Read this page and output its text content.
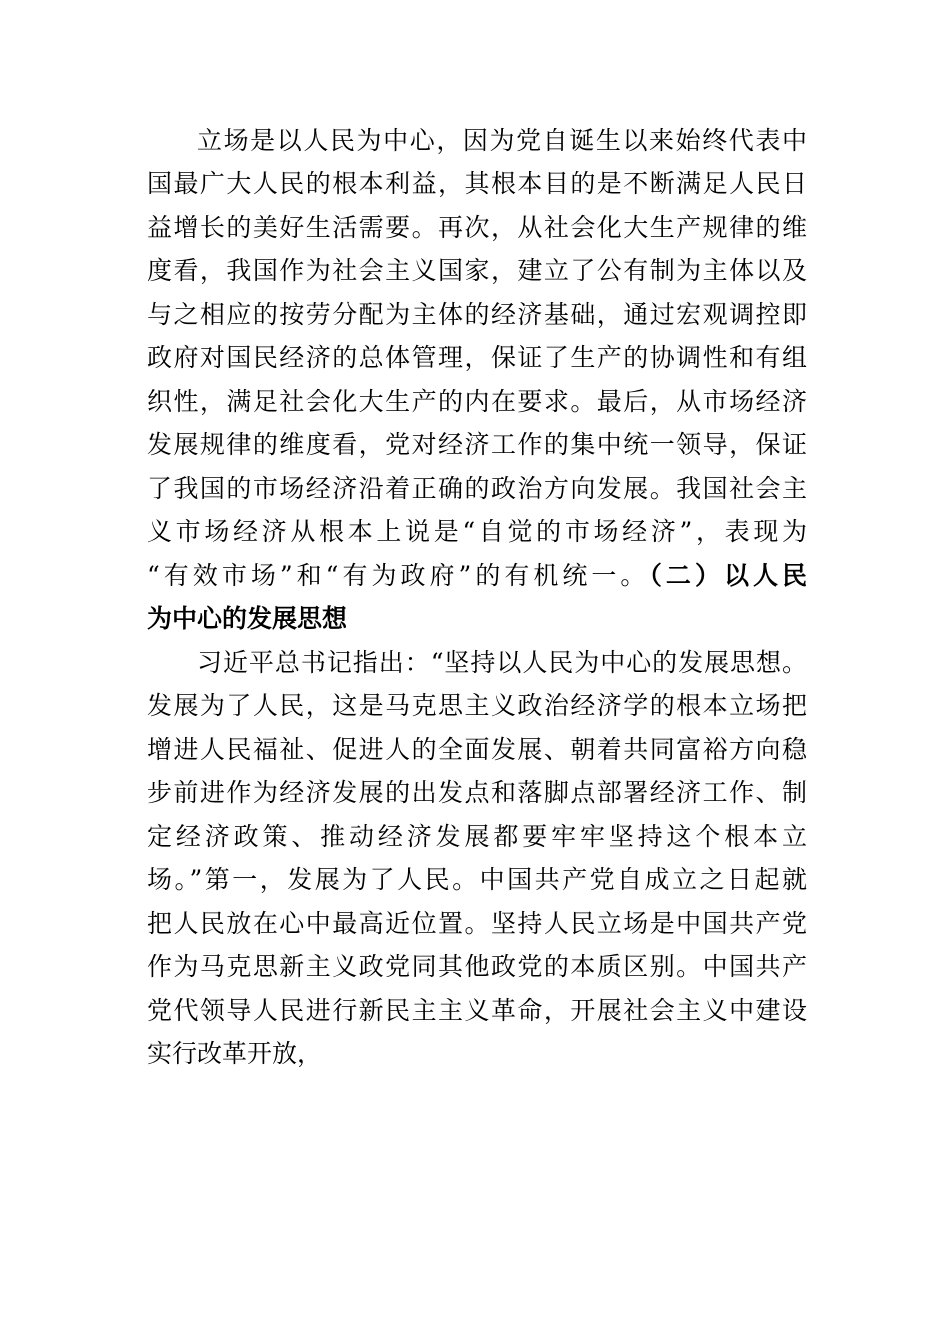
立场是以人民为中心，因为党自诞生以来始终代表中
国最广大人民的根本利益，其根本目的是不断满足人民日
益增长的美好生活需要。再次，从社会化大生产规律的维
度看，我国作为社会主义国家，建立了公有制为主体以及
与之相应的按劳分配为主体的经济基础，通过宏观调控即
政府对国民经济的总体管理，保证了生产的协调性和有组
织性，满足社会化大生产的内在要求。最后，从市场经济
发展规律的维度看，党对经济工作的集中统一领导，保证
了我国的市场经济沿着正确的政治方向发展。我国社会主
义市场经济从根本上说是“自觉的市场经济”，表现为
“有效市场”和“有为政府”的有机统一。（二）以人民
为中心的发展思想
习近平总书记指出：“坚持以人民为中心的发展思想。
发展为了人民，这是马克思主义政治经济学的根本立场把
增进人民福祉、促进人的全面发展、朝着共同富裕方向稳
步前进作为经济发展的出发点和落脚点部署经济工作、制
定经济政策、推动经济发展都要牢牢坚持这个根本立
场。”第一，发展为了人民。中国共产党自成立之日起就
把人民放在心中最高近位置。坚持人民立场是中国共产党
作为马克思新主义政党同其他政党的本质区别。中国共产
党代领导人民进行新民主主义革命，开展社会主义中建设
实行改革开放，
